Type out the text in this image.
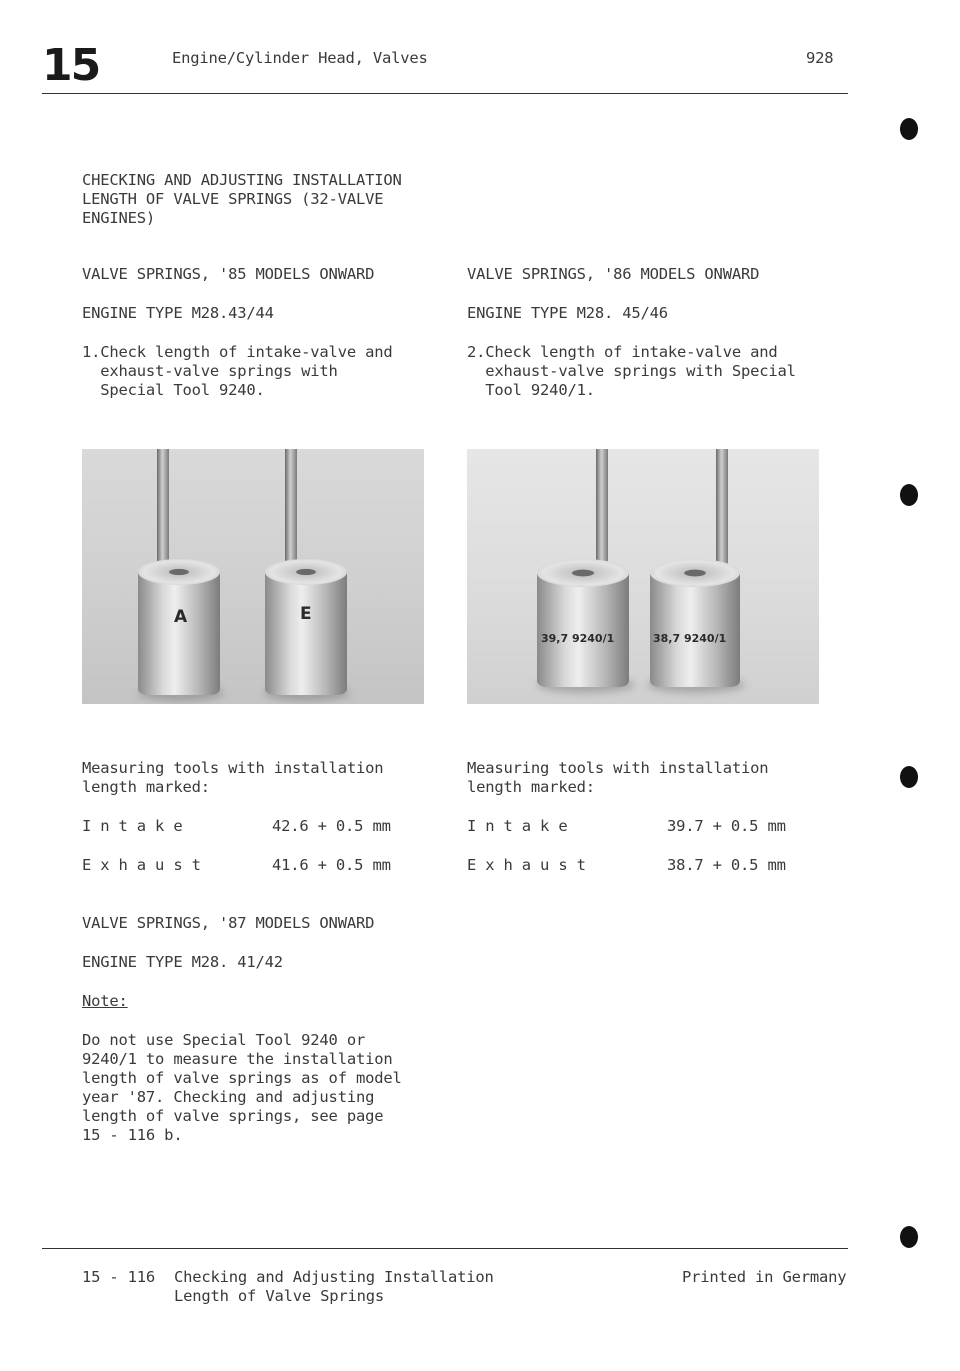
15	Engine/Cylinder Head, Valves	928
CHECKING AND ADJUSTING INSTALLATION
LENGTH OF VALVE SPRINGS (32-VALVE
ENGINES)
VALVE SPRINGS, '85 MODELS ONWARD
ENGINE TYPE M28.43/44
1.Check length of intake-valve and
exhaust-valve springs with
Special Tool 9240.
VALVE SPRINGS, '86 MODELS ONWARD
ENGINE TYPE M28. 45/46
2.Check length of intake-valve and
exhaust-valve springs with Special
Tool 9240/1.
A	E
39,7 9240/1	38,7 9240/1
Measuring tools with installation
length marked:
I n t a k e	42.6 + 0.5 mm
E x h a u s t	41.6 + 0.5 mm
Measuring tools with installation
length marked:
I n t a k e	39.7 + 0.5 mm
E x h a u s t	38.7 + 0.5 mm
VALVE SPRINGS, '87 MODELS ONWARD
ENGINE TYPE M28. 41/42
Note:
Do not use Special Tool 9240 or
9240/1 to measure the installation
length of valve springs as of model
year '87. Checking and adjusting
length of valve springs, see page
15 - 116 b.
15 - 116 Checking and Adjusting Installation
Length of Valve Springs
Printed in Germany
